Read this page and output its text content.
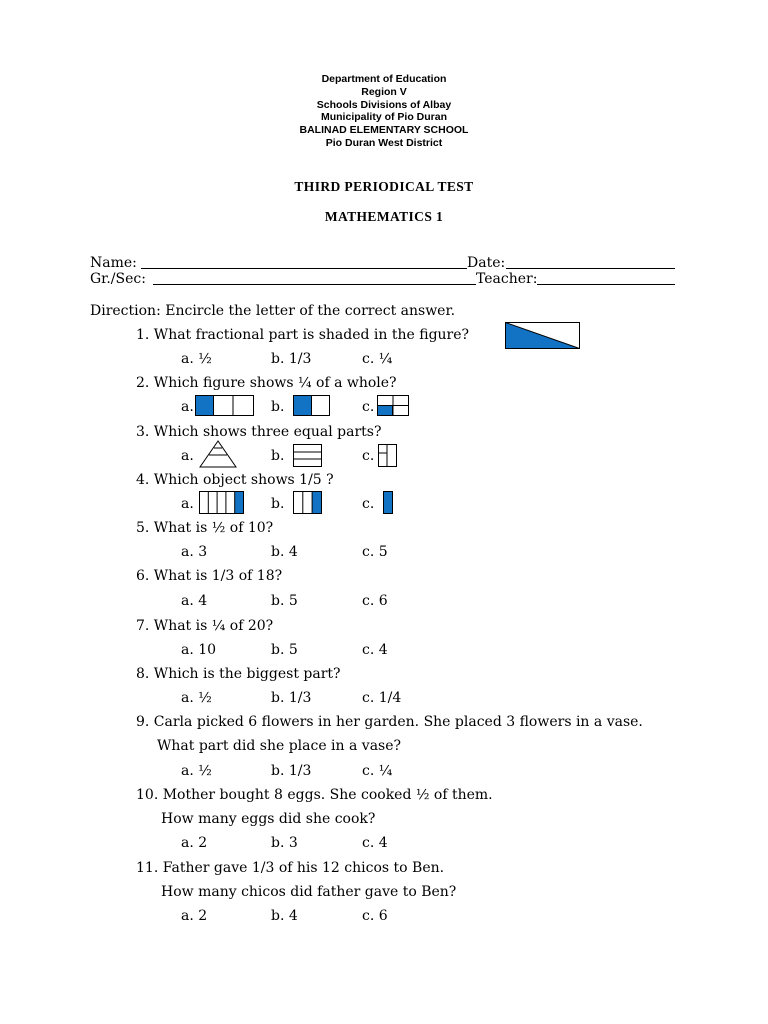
Department of Education
Region V
Schools Divisions of Albay
Municipality of Pio Duran
BALINAD ELEMENTARY SCHOOL
Pio Duran West District
THIRD PERIODICAL TEST
MATHEMATICS 1
Name:	Date:
Gr./Sec:	Teacher:
Direction: Encircle the letter of the correct answer.
1. What fractional part is shaded in the figure?
a. ½	b. 1/3	c. ¼
2. Which figure shows ¼ of a whole?
a.	b.	c.
3. Which shows three equal parts?
a.	b.	c.
4. Which object shows 1/5 ?
a.	b.	c.
5. What is ½ of 10?
a. 3	b. 4	c. 5
6. What is 1/3 of 18?
a. 4	b. 5	c. 6
7. What is ¼ of 20?
a. 10	b. 5	c. 4
8. Which is the biggest part?
a. ½	b. 1/3	c. 1/4
9. Carla picked 6 flowers in her garden. She placed 3 flowers in a vase.
What part did she place in a vase?
a. ½	b. 1/3	c. ¼
10. Mother bought 8 eggs. She cooked ½ of them.
How many eggs did she cook?
a. 2	b. 3	c. 4
11. Father gave 1/3 of his 12 chicos to Ben.
How many chicos did father gave to Ben?
a. 2	b. 4	c. 6
